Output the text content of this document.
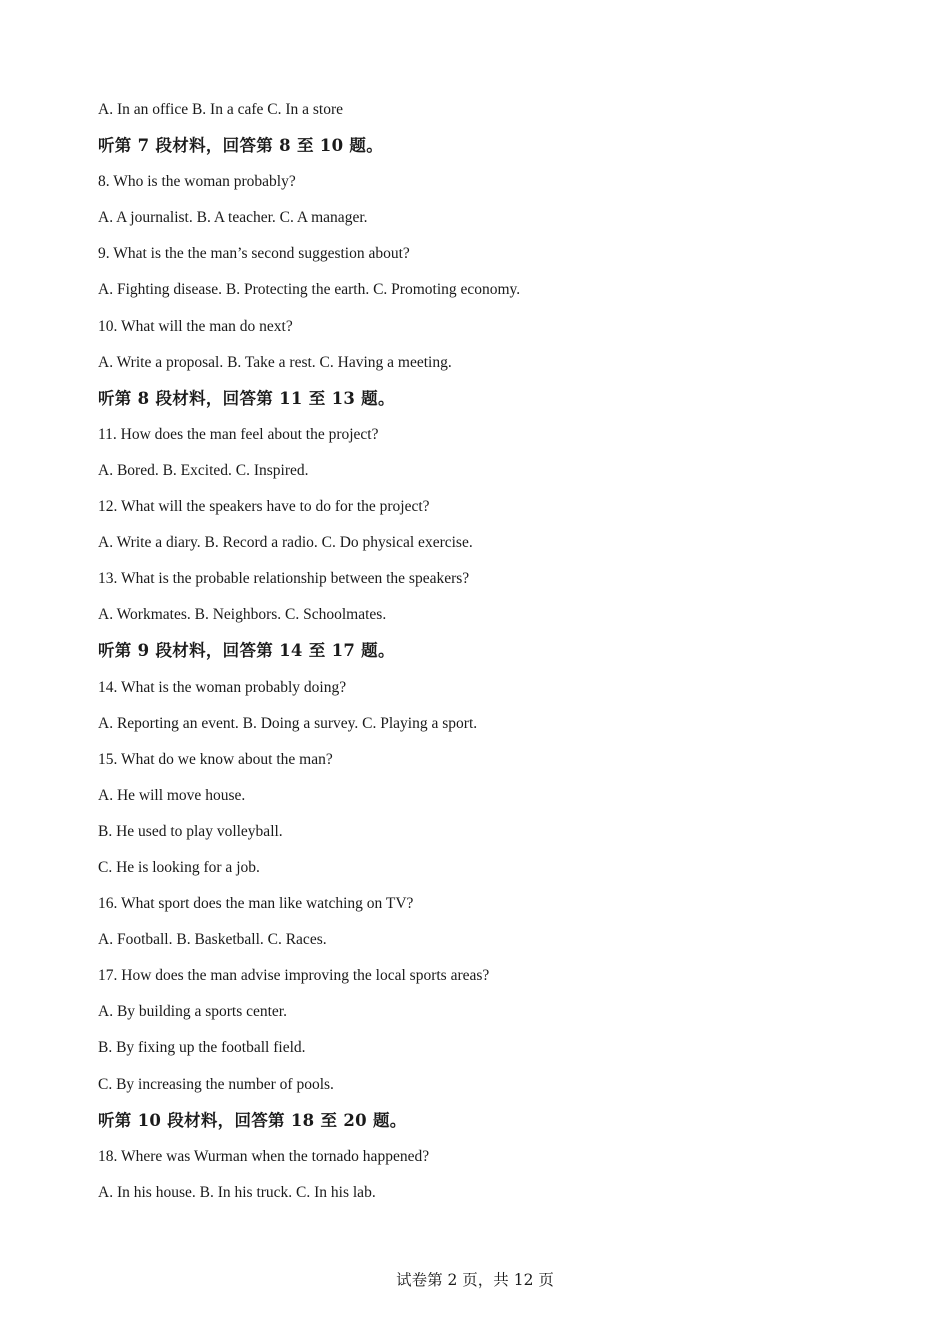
A. In an office B. In a cafe C. In a store
听第 7 段材料，回答第 8 至 10 题。
8. Who is the woman probably?
A. A journalist. B. A teacher. C. A manager.
9. What is the the man’s second suggestion about?
A. Fighting disease. B. Protecting the earth. C. Promoting economy.
10. What will the man do next?
A. Write a proposal. B. Take a rest. C. Having a meeting.
听第 8 段材料，回答第 11 至 13 题。
11. How does the man feel about the project?
A. Bored. B. Excited. C. Inspired.
12. What will the speakers have to do for the project?
A. Write a diary. B. Record a radio. C. Do physical exercise.
13. What is the probable relationship between the speakers?
A. Workmates. B. Neighbors. C. Schoolmates.
听第 9 段材料，回答第 14 至 17 题。
14. What is the woman probably doing?
A. Reporting an event. B. Doing a survey. C. Playing a sport.
15. What do we know about the man?
A. He will move house.
B. He used to play volleyball.
C. He is looking for a job.
16. What sport does the man like watching on TV?
A. Football. B. Basketball. C. Races.
17. How does the man advise improving the local sports areas?
A. By building a sports center.
B. By fixing up the football field.
C. By increasing the number of pools.
听第 10 段材料，回答第 18 至 20 题。
18. Where was Wurman when the tornado happened?
A. In his house. B. In his truck. C. In his lab.
试卷第 2 页，共 12 页
